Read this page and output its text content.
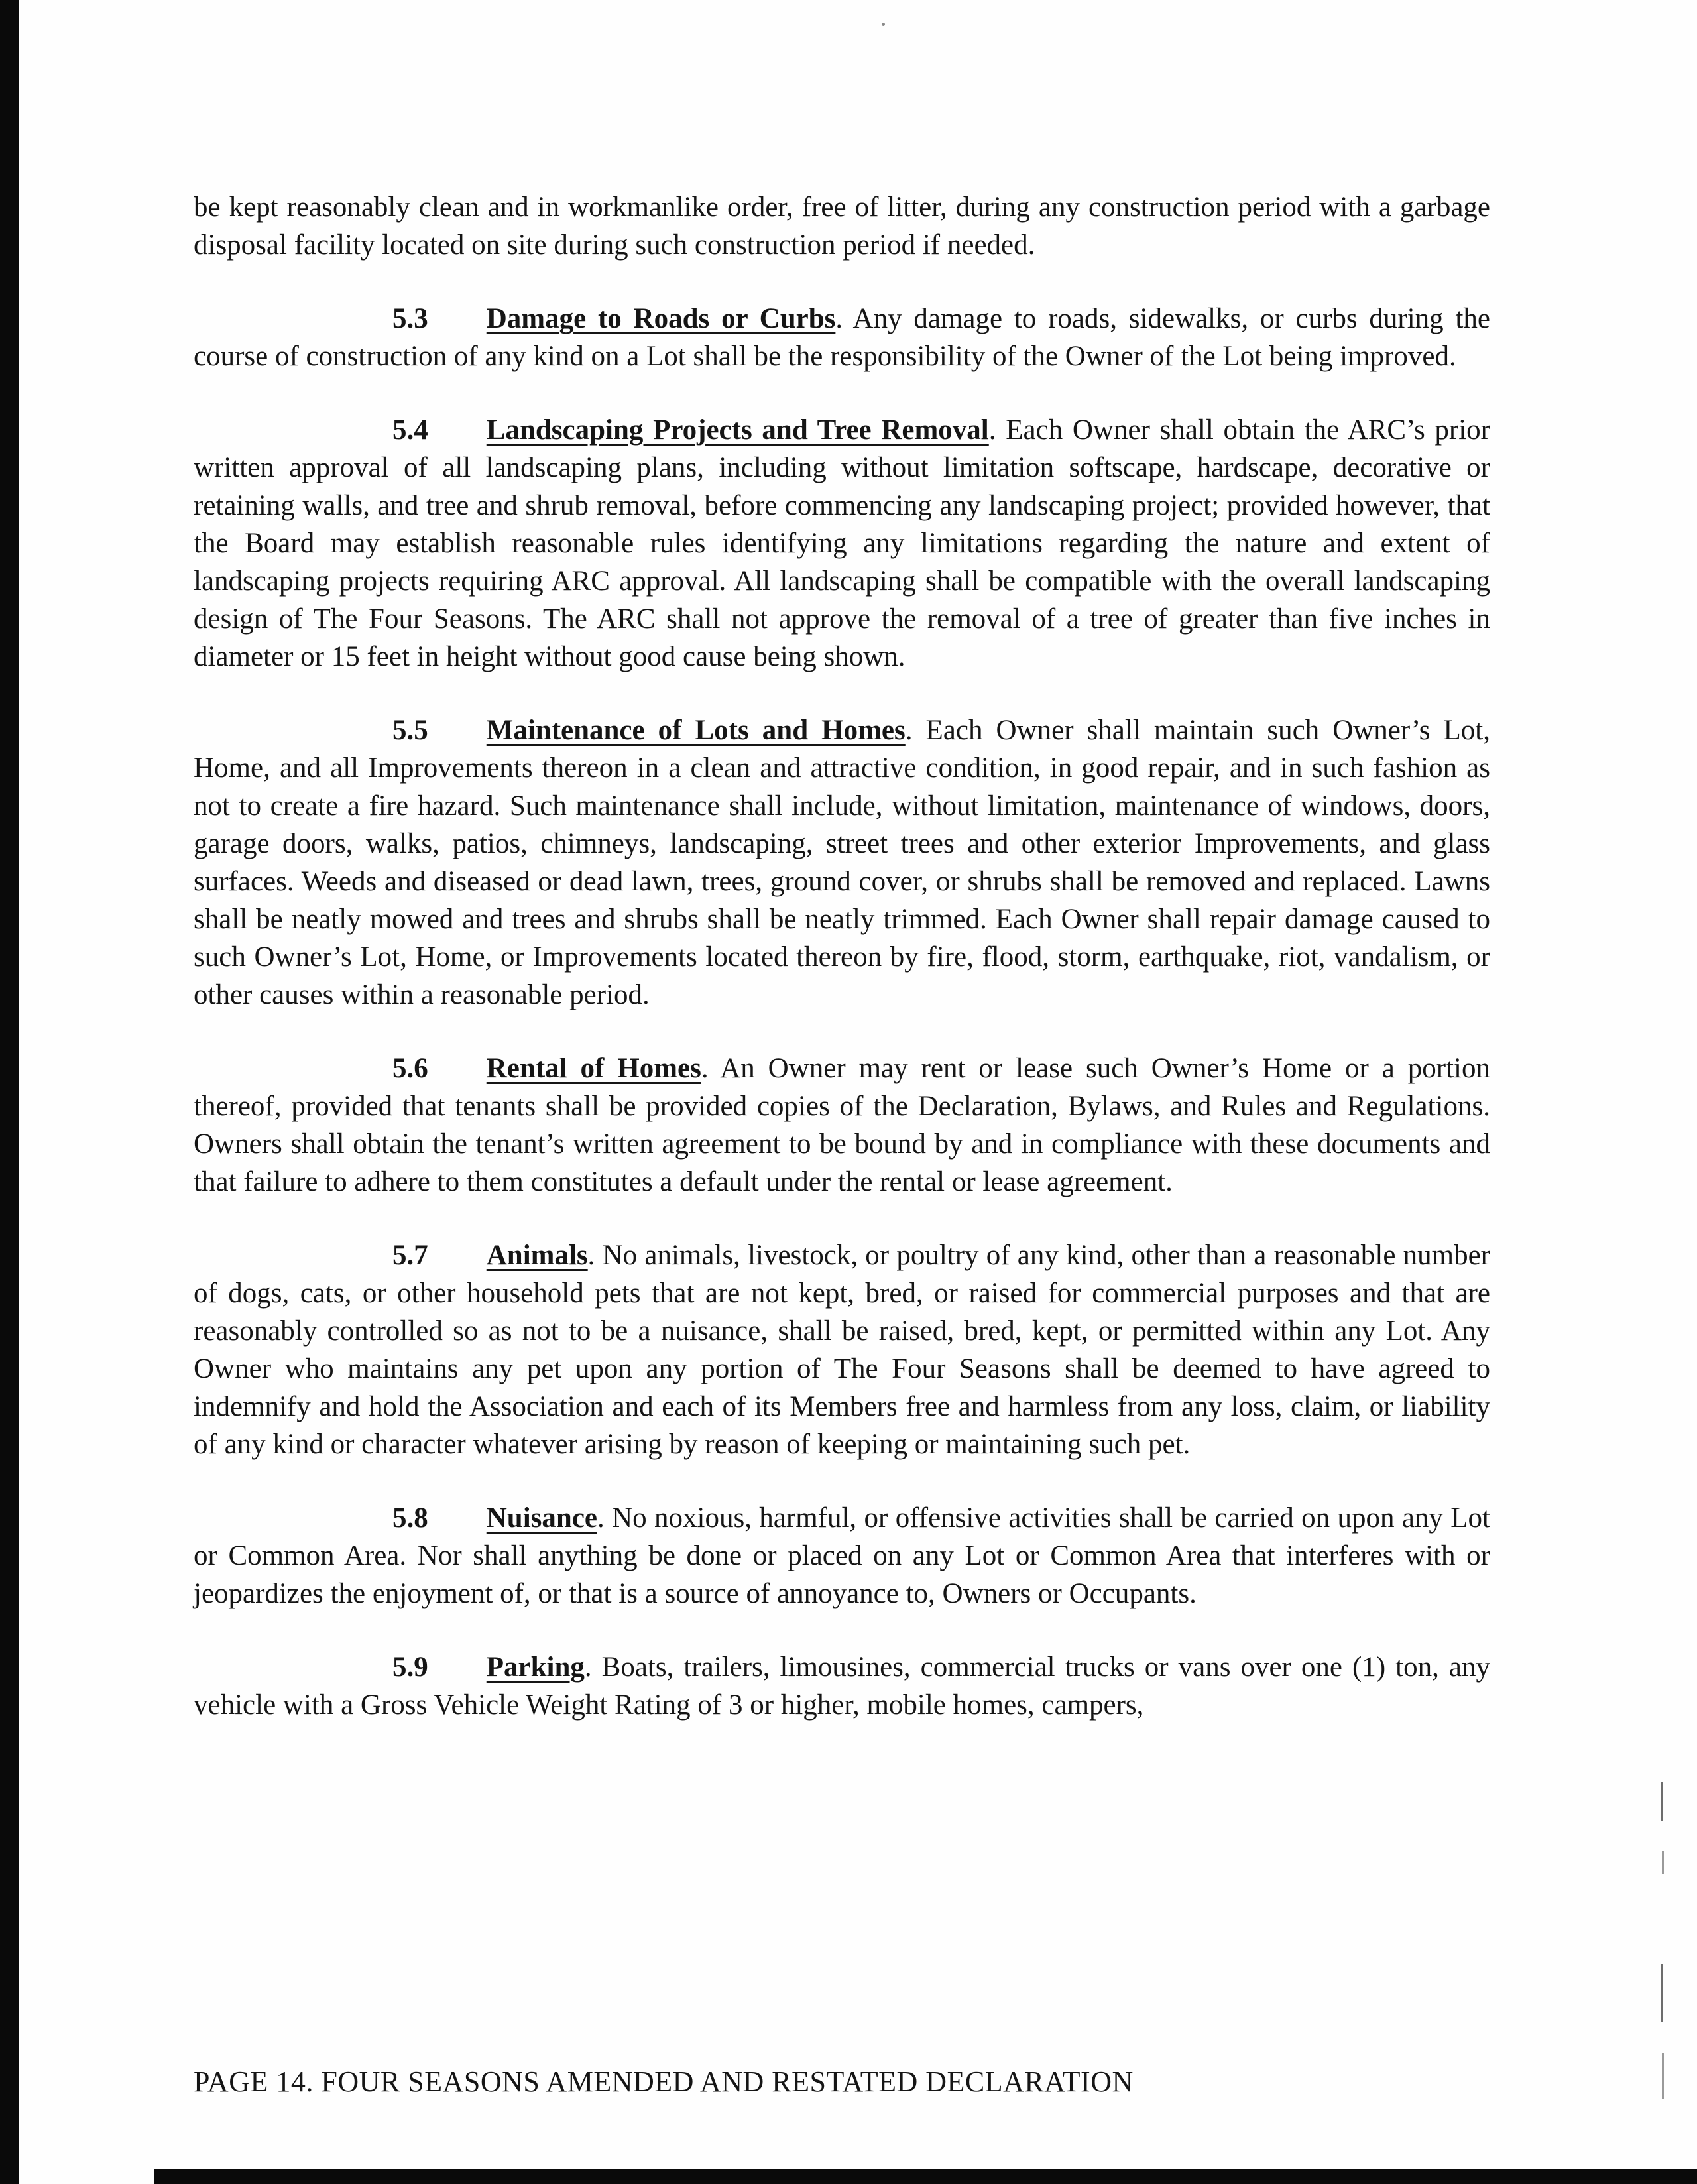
be kept reasonably clean and in workmanlike order, free of litter, during any construction period with a garbage disposal facility located on site during such construction period if needed.

5.3 Damage to Roads or Curbs. Any damage to roads, sidewalks, or curbs during the course of construction of any kind on a Lot shall be the responsibility of the Owner of the Lot being improved.

5.4 Landscaping Projects and Tree Removal. Each Owner shall obtain the ARC’s prior written approval of all landscaping plans, including without limitation softscape, hardscape, decorative or retaining walls, and tree and shrub removal, before commencing any landscaping project; provided however, that the Board may establish reasonable rules identifying any limitations regarding the nature and extent of landscaping projects requiring ARC approval. All landscaping shall be compatible with the overall landscaping design of The Four Seasons. The ARC shall not approve the removal of a tree of greater than five inches in diameter or 15 feet in height without good cause being shown.

5.5 Maintenance of Lots and Homes. Each Owner shall maintain such Owner’s Lot, Home, and all Improvements thereon in a clean and attractive condition, in good repair, and in such fashion as not to create a fire hazard. Such maintenance shall include, without limitation, maintenance of windows, doors, garage doors, walks, patios, chimneys, landscaping, street trees and other exterior Improvements, and glass surfaces. Weeds and diseased or dead lawn, trees, ground cover, or shrubs shall be removed and replaced. Lawns shall be neatly mowed and trees and shrubs shall be neatly trimmed. Each Owner shall repair damage caused to such Owner’s Lot, Home, or Improvements located thereon by fire, flood, storm, earthquake, riot, vandalism, or other causes within a reasonable period.

5.6 Rental of Homes. An Owner may rent or lease such Owner’s Home or a portion thereof, provided that tenants shall be provided copies of the Declaration, Bylaws, and Rules and Regulations. Owners shall obtain the tenant’s written agreement to be bound by and in compliance with these documents and that failure to adhere to them constitutes a default under the rental or lease agreement.

5.7 Animals. No animals, livestock, or poultry of any kind, other than a reasonable number of dogs, cats, or other household pets that are not kept, bred, or raised for commercial purposes and that are reasonably controlled so as not to be a nuisance, shall be raised, bred, kept, or permitted within any Lot. Any Owner who maintains any pet upon any portion of The Four Seasons shall be deemed to have agreed to indemnify and hold the Association and each of its Members free and harmless from any loss, claim, or liability of any kind or character whatever arising by reason of keeping or maintaining such pet.

5.8 Nuisance. No noxious, harmful, or offensive activities shall be carried on upon any Lot or Common Area. Nor shall anything be done or placed on any Lot or Common Area that interferes with or jeopardizes the enjoyment of, or that is a source of annoyance to, Owners or Occupants.

5.9 Parking. Boats, trailers, limousines, commercial trucks or vans over one (1) ton, any vehicle with a Gross Vehicle Weight Rating of 3 or higher, mobile homes, campers,

PAGE 14. FOUR SEASONS AMENDED AND RESTATED DECLARATION
